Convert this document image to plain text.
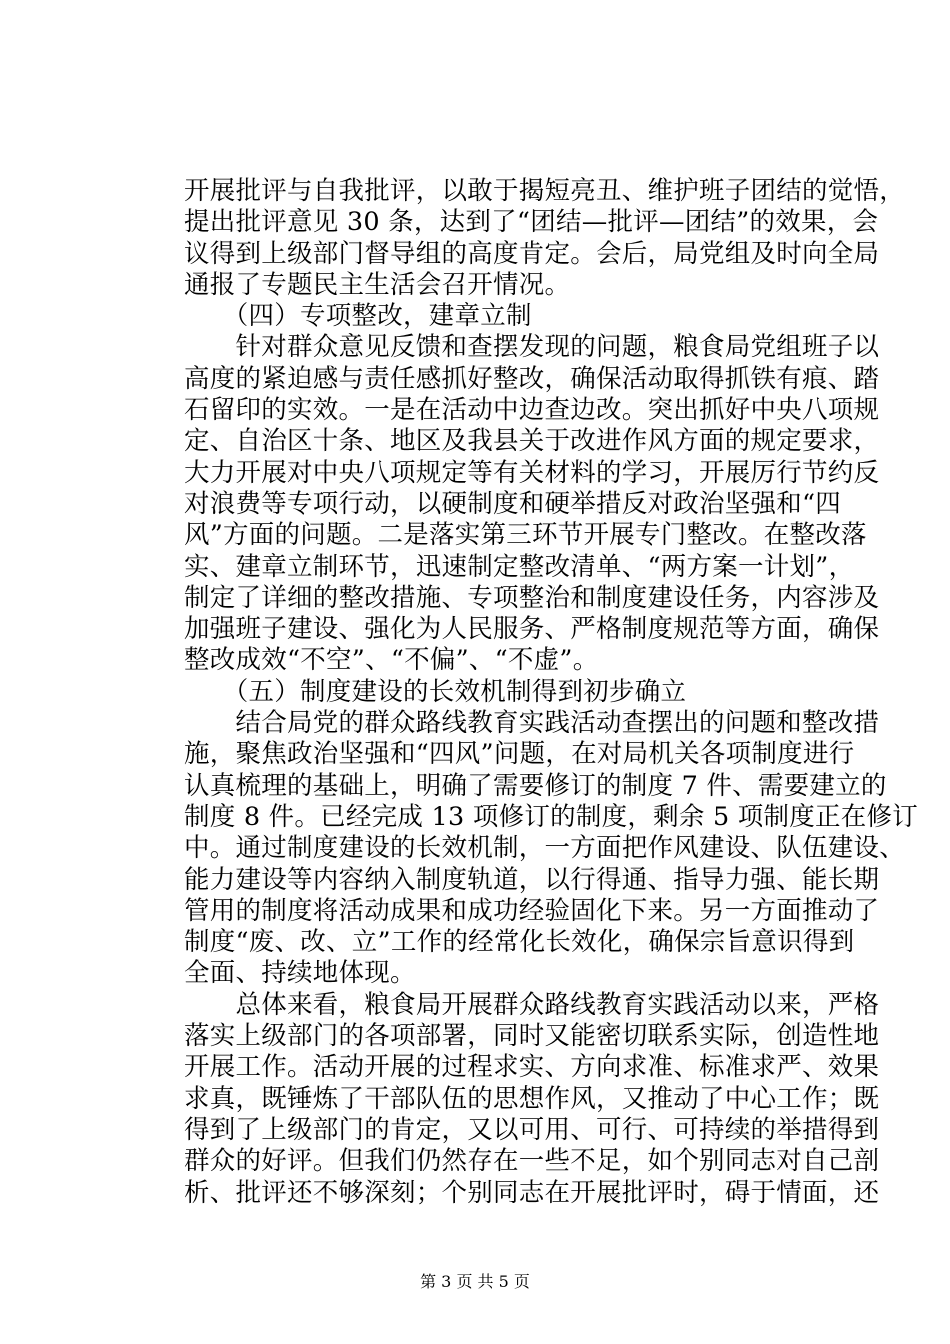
开展批评与自我批评，以敢于揭短亮丑、维护班子团结的觉悟，
提出批评意见 30 条，达到了“团结—批评—团结”的效果，会
议得到上级部门督导组的高度肯定。会后，局党组及时向全局
通报了专题民主生活会召开情况。
　　（四）专项整改，建章立制
　　针对群众意见反馈和查摆发现的问题，粮食局党组班子以
高度的紧迫感与责任感抓好整改，确保活动取得抓铁有痕、踏
石留印的实效。一是在活动中边查边改。突出抓好中央八项规
定、自治区十条、地区及我县关于改进作风方面的规定要求，
大力开展对中央八项规定等有关材料的学习，开展厉行节约反
对浪费等专项行动，以硬制度和硬举措反对政治坚强和“四
风”方面的问题。二是落实第三环节开展专门整改。在整改落
实、建章立制环节，迅速制定整改清单、“两方案一计划”，
制定了详细的整改措施、专项整治和制度建设任务，内容涉及
加强班子建设、强化为人民服务、严格制度规范等方面，确保
整改成效“不空”、“不偏”、“不虚”。
　　（五）制度建设的长效机制得到初步确立
　　结合局党的群众路线教育实践活动查摆出的问题和整改措
施，聚焦政治坚强和“四风”问题，在对局机关各项制度进行
认真梳理的基础上，明确了需要修订的制度 7 件、需要建立的
制度 8 件。已经完成 13 项修订的制度，剩余 5 项制度正在修订
中。通过制度建设的长效机制，一方面把作风建设、队伍建设、
能力建设等内容纳入制度轨道，以行得通、指导力强、能长期
管用的制度将活动成果和成功经验固化下来。另一方面推动了
制度“废、改、立”工作的经常化长效化，确保宗旨意识得到
全面、持续地体现。
　　总体来看，粮食局开展群众路线教育实践活动以来，严格
落实上级部门的各项部署，同时又能密切联系实际，创造性地
开展工作。活动开展的过程求实、方向求准、标准求严、效果
求真，既锤炼了干部队伍的思想作风，又推动了中心工作；既
得到了上级部门的肯定，又以可用、可行、可持续的举措得到
群众的好评。但我们仍然存在一些不足，如个别同志对自己剖
析、批评还不够深刻；个别同志在开展批评时，碍于情面，还
第 3 页 共 5 页
